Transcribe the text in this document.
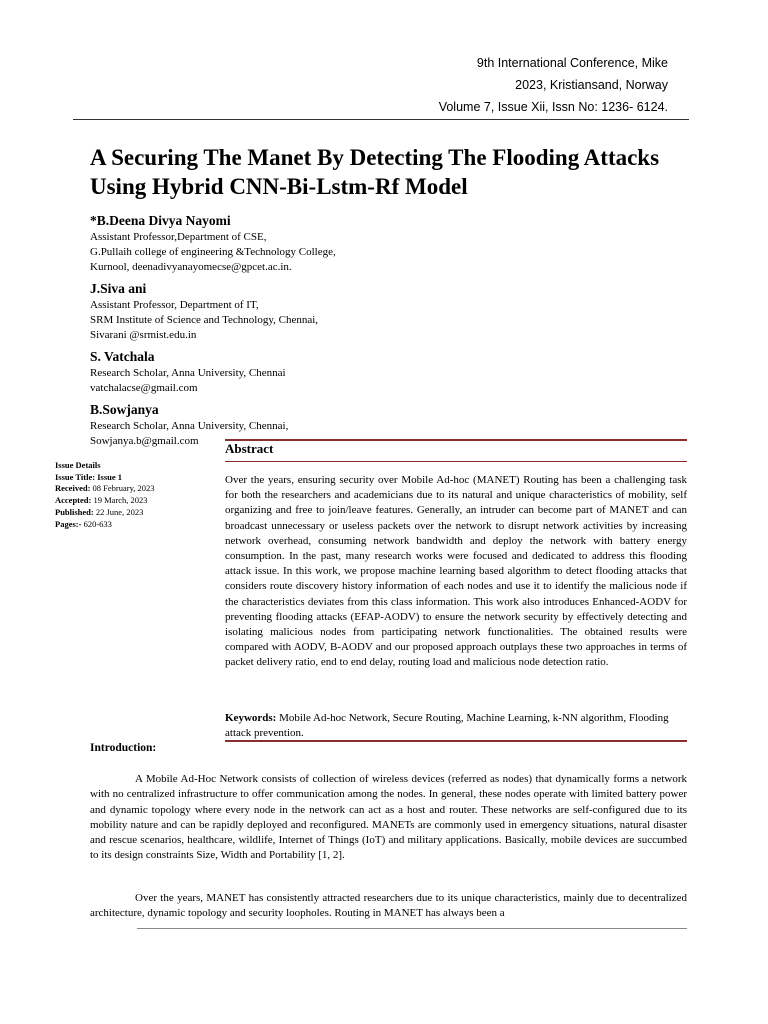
9th International Conference, Mike
2023, Kristiansand, Norway
Volume 7, Issue Xii, Issn No: 1236- 6124.
A Securing The Manet By Detecting The Flooding Attacks
Using Hybrid CNN-Bi-Lstm-Rf Model
*B.Deena Divya Nayomi
Assistant Professor,Department of CSE,
G.Pullaih college of engineering &Technology College,
Kurnool, deenadivyanayomecse@gpcet.ac.in.
J.Siva ani
Assistant Professor, Department of IT,
SRM Institute of Science and Technology, Chennai,
Sivarani @srmist.edu.in
S. Vatchala
Research Scholar, Anna University, Chennai
vatchalacse@gmail.com
B.Sowjanya
Research Scholar, Anna University, Chennai,
Sowjanya.b@gmail.com	Abstract
Issue Details
Issue Title: Issue 1
Received: 08 February, 2023
Accepted: 19 March, 2023
Published: 22 June, 2023
Pages:- 620-633
Over the years, ensuring security over Mobile Ad-hoc (MANET) Routing has been a challenging task for both the researchers and academicians due to its natural and unique characteristics of mobility, self organizing and free to join/leave features. Generally, an intruder can become part of MANET and can broadcast unnecessary or useless packets over the network to disrupt network activities by increasing network overhead, consuming network bandwidth and deploy the network with battery energy consumption. In the past, many research works were focused and dedicated to address this flooding attack issue. In this work, we propose machine learning based algorithm to detect flooding attacks that considers route discovery history information of each nodes and use it to identify the malicious node if the characteristics deviates from this class information. This work also introduces Enhanced-AODV for preventing flooding attacks (EFAP-AODV) to ensure the network security by effectively detecting and isolating malicious nodes from participating network functionalities. The obtained results were compared with AODV, B-AODV and our proposed approach outplays these two approaches in terms of packet delivery ratio, end to end delay, routing load and malicious node detection ratio.
Keywords: Mobile Ad-hoc Network, Secure Routing, Machine Learning, k-NN algorithm, Flooding attack prevention.
Introduction:
A Mobile Ad-Hoc Network consists of collection of wireless devices (referred as nodes) that dynamically forms a network with no centralized infrastructure to offer communication among the nodes. In general, these nodes operate with limited battery power and dynamic topology where every node in the network can act as a host and router. These networks are self-configured due to its mobility nature and can be rapidly deployed and reconfigured. MANETs are commonly used in emergency situations, natural disaster and rescue scenarios, healthcare, wildlife, Internet of Things (IoT) and military applications. Basically, mobile devices are succumbed to its design constraints Size, Width and Portability [1, 2].
Over the years, MANET has consistently attracted researchers due to its unique characteristics, mainly due to decentralized architecture, dynamic topology and security loopholes. Routing in MANET has always been a
